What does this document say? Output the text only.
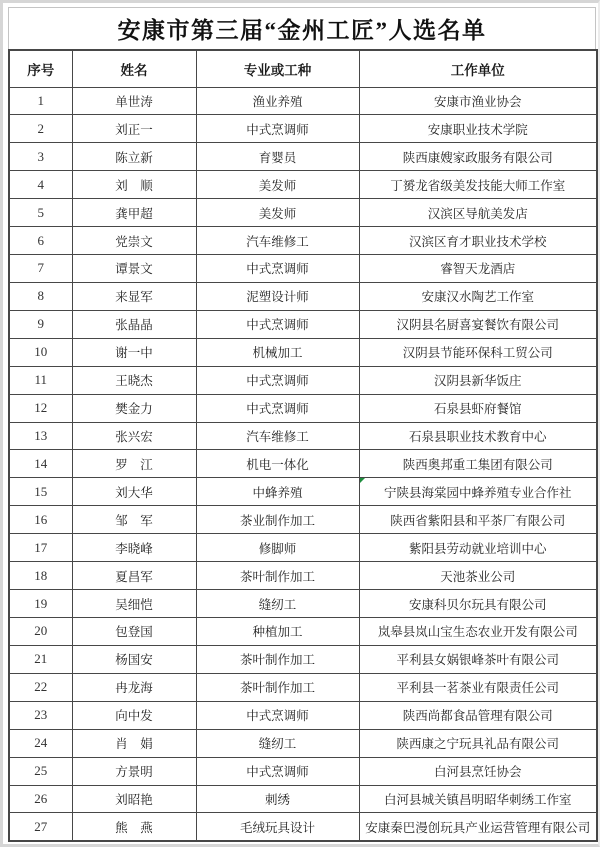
安康市第三届“金州工匠”人选名单
序号	姓名	专业或工种	工作单位
1	单世涛	渔业养殖	安康市渔业协会
2	刘正一	中式烹调师	安康职业技术学院
3	陈立新	育婴员	陕西康嫂家政服务有限公司
4	刘　顺	美发师	丁赟龙省级美发技能大师工作室
5	龚甲超	美发师	汉滨区导航美发店
6	党崇文	汽车维修工	汉滨区育才职业技术学校
7	谭景文	中式烹调师	睿智天龙酒店
8	来显军	泥塑设计师	安康汉水陶艺工作室
9	张晶晶	中式烹调师	汉阴县名厨喜宴餐饮有限公司
10	谢一中	机械加工	汉阴县节能环保科工贸公司
11	王晓杰	中式烹调师	汉阴县新华饭庄
12	樊金力	中式烹调师	石泉县虾府餐馆
13	张兴宏	汽车维修工	石泉县职业技术教育中心
14	罗　江	机电一体化	陕西奥邦重工集团有限公司
15	刘大华	中蜂养殖	宁陕县海棠园中蜂养殖专业合作社
16	邹　军	茶业制作加工	陕西省紫阳县和平茶厂有限公司
17	李晓峰	修脚师	紫阳县劳动就业培训中心
18	夏昌军	茶叶制作加工	天池茶业公司
19	吴细恺	缝纫工	安康科贝尔玩具有限公司
20	包登国	种植加工	岚皋县岚山宝生态农业开发有限公司
21	杨国安	茶叶制作加工	平利县女娲银峰茶叶有限公司
22	冉龙海	茶叶制作加工	平利县一茗茶业有限责任公司
23	向中发	中式烹调师	陕西尚都食品管理有限公司
24	肖　娟	缝纫工	陕西康之宁玩具礼品有限公司
25	方景明	中式烹调师	白河县烹饪协会
26	刘昭艳	刺绣	白河县城关镇昌明昭华刺绣工作室
27	熊　燕	毛绒玩具设计	安康秦巴漫创玩具产业运营管理有限公司
